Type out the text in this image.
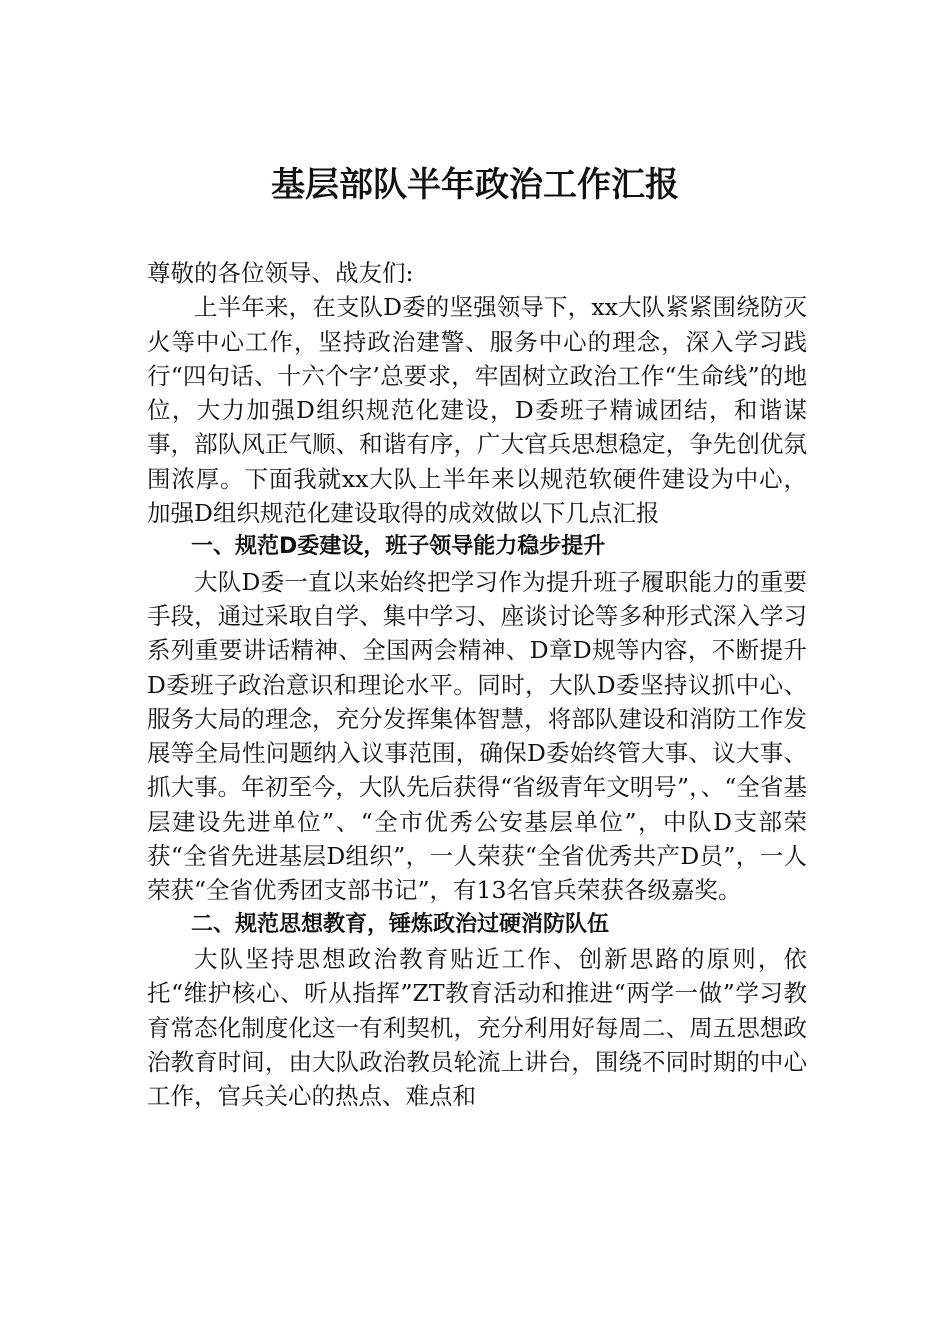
基层部队半年政治工作汇报

尊敬的各位领导、战友们:

上半年来，在支队D委的坚强领导下，xx大队紧紧围绕防灭火等中心工作，坚持政治建警、服务中心的理念，深入学习践行“四句话、十六个字’总要求，牢固树立政治工作“生命线”的地位，大力加强D组织规范化建设，D委班子精诚团结，和谐谋事，部队风正气顺、和谐有序，广大官兵思想稳定，争先创优氛围浓厚。下面我就xx大队上半年来以规范软硬件建设为中心，加强D组织规范化建设取得的成效做以下几点汇报

一、规范D委建设，班子领导能力稳步提升

大队D委一直以来始终把学习作为提升班子履职能力的重要手段，通过采取自学、集中学习、座谈讨论等多种形式深入学习系列重要讲话精神、全国两会精神、D章D规等内容，不断提升D委班子政治意识和理论水平。同时，大队D委坚持议抓中心、服务大局的理念，充分发挥集体智慧，将部队建设和消防工作发展等全局性问题纳入议事范围，确保D委始终管大事、议大事、抓大事。年初至今，大队先后获得“省级青年文明号”，、“全省基层建设先进单位”、“全市优秀公安基层单位”，中队D支部荣获“全省先进基层D组织”，一人荣获“全省优秀共产D员”，一人荣获“全省优秀团支部书记”，有13名官兵荣获各级嘉奖。

二、规范思想教育，锤炼政治过硬消防队伍

大队坚持思想政治教育贴近工作、创新思路的原则，依托“维护核心、听从指挥”ZT教育活动和推进“两学一做”学习教育常态化制度化这一有利契机，充分利用好每周二、周五思想政治教育时间，由大队政治教员轮流上讲台，围绕不同时期的中心工作，官兵关心的热点、难点和
